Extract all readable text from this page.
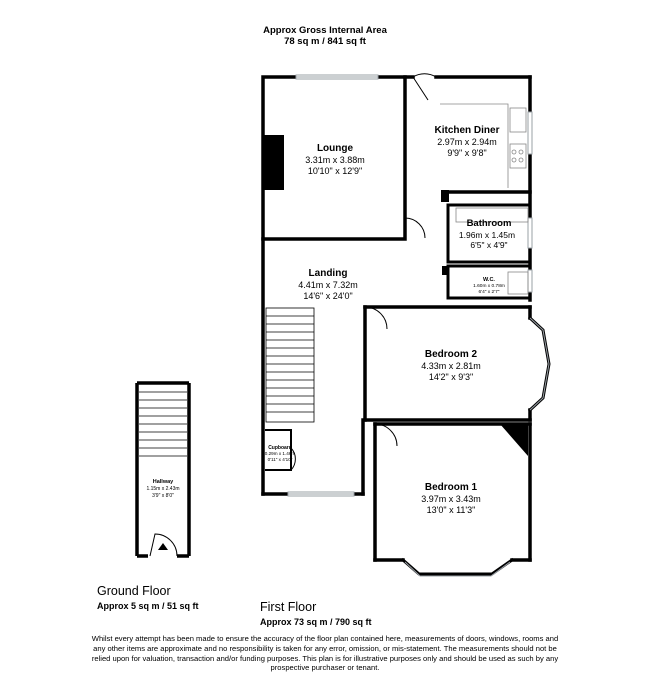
Approx Gross Internal Area
78 sq m / 841 sq ft
Lounge
3.31m x 3.88m
10'10" x 12'9"
Kitchen Diner
2.97m x 2.94m
9'9" x 9'8"
Bathroom
1.96m x 1.45m
6'5" x 4'9"
W.C.
1.60m x 0.78m
6'4" x 2'7"
Landing
4.41m x 7.32m
14'6" x 24'0"
Bedroom 2
4.33m x 2.81m
14'2" x 9'3"
Bedroom 1
3.97m x 3.43m
13'0" x 11'3"
Cupboard
0.29m x 1.46m
0'11" x 4'10"
Hallway
1.15m x 2.43m
3'9" x 8'0"
Ground Floor
Approx 5 sq m / 51 sq ft	First Floor
Approx 73 sq m / 790 sq ft
Whilst every attempt has been made to ensure the accuracy of the floor plan contained here, measurements of doors, windows, rooms and
any other items are approximate and no responsibility is taken for any error, omission, or mis-statement. The measurements should not be
relied upon for valuation, transaction and/or funding purposes. This plan is for illustrative purposes only and should be used as such by any
prospective purchaser or tenant.
